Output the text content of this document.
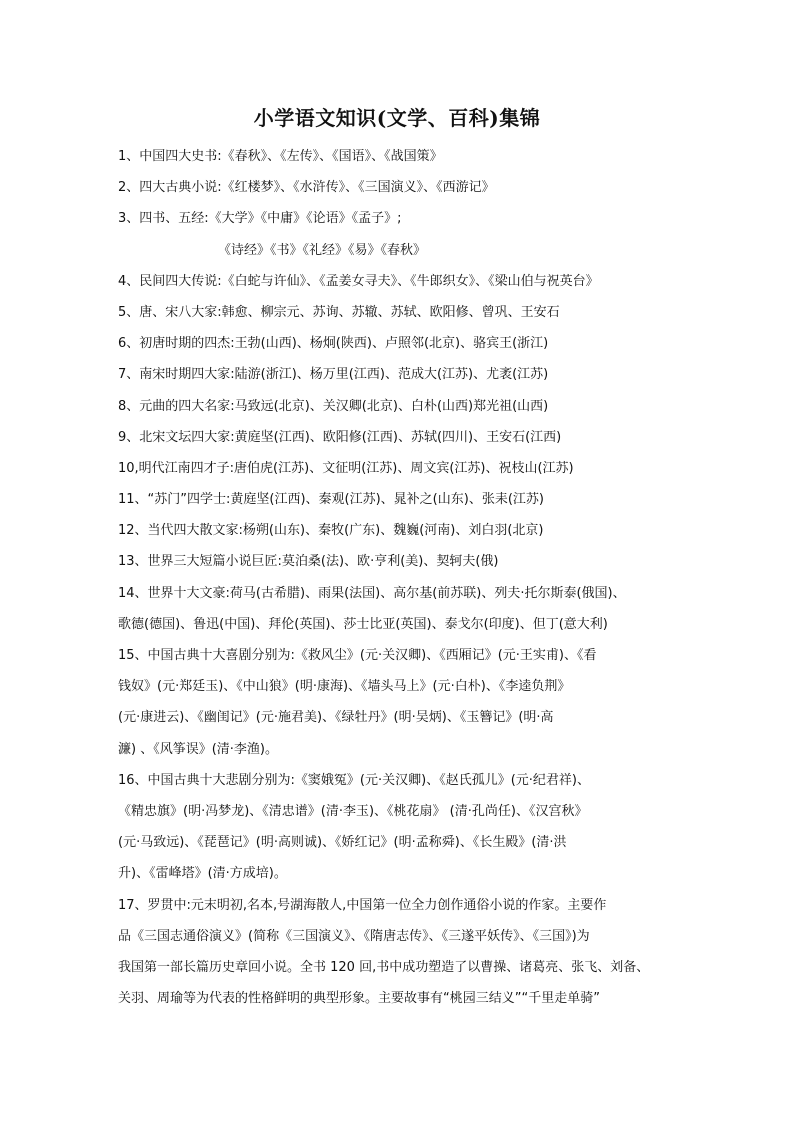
小学语文知识(文学、百科)集锦
1、中国四大史书:《春秋》、《左传》、《国语》、《战国策》
2、四大古典小说:《红楼梦》、《水浒传》、《三国演义》、《西游记》
3、四书、五经:《大学》《中庸》《论语》《孟子》;
《诗经》《书》《礼经》《易》《春秋》
4、民间四大传说:《白蛇与许仙》、《孟姜女寻夫》、《牛郎织女》、《梁山伯与祝英台》
5、唐、宋八大家:韩愈、柳宗元、苏询、苏辙、苏轼、欧阳修、曾巩、王安石
6、初唐时期的四杰:王勃(山西)、杨炯(陕西)、卢照邻(北京)、骆宾王(浙江)
7、南宋时期四大家:陆游(浙江)、杨万里(江西)、范成大(江苏)、尤袤(江苏)
8、元曲的四大名家:马致远(北京)、关汉卿(北京)、白朴(山西)郑光祖(山西)
9、北宋文坛四大家:黄庭坚(江西)、欧阳修(江西)、苏轼(四川)、王安石(江西)
10,明代江南四才子:唐伯虎(江苏)、文征明(江苏)、周文宾(江苏)、祝枝山(江苏)
11、“苏门”四学士:黄庭坚(江西)、秦观(江苏)、晁补之(山东)、张耒(江苏)
12、当代四大散文家:杨朔(山东)、秦牧(广东)、魏巍(河南)、刘白羽(北京)
13、世界三大短篇小说巨匠:莫泊桑(法)、欧·亨利(美)、契轲夫(俄)
14、世界十大文豪:荷马(古希腊)、雨果(法国)、高尔基(前苏联)、列夫·托尔斯泰(俄国)、
歌德(德国)、鲁迅(中国)、拜伦(英国)、莎士比亚(英国)、泰戈尔(印度)、但丁(意大利)
15、中国古典十大喜剧分别为:《救风尘》(元·关汉卿)、《西厢记》(元·王实甫)、《看
钱奴》(元·郑廷玉)、《中山狼》(明·康海)、《墙头马上》(元·白朴)、《李逵负荆》
(元·康进云)、《幽闺记》(元·施君美)、《绿牡丹》(明·吴炳)、《玉簪记》(明·高
濂) 、《风筝误》(清·李渔)。
16、中国古典十大悲剧分别为:《窦娥冤》(元·关汉卿)、《赵氏孤儿》(元·纪君祥)、
《精忠旗》(明·冯梦龙)、《清忠谱》(清·李玉)、《桃花扇》 (清·孔尚任)、《汉宫秋》
(元·马致远)、《琵琶记》(明·高则诚)、《娇红记》(明·孟称舜)、《长生殿》(清·洪
升)、《雷峰塔》(清·方成培)。
17、罗贯中:元末明初,名本,号湖海散人,中国第一位全力创作通俗小说的作家。主要作
品《三国志通俗演义》(简称《三国演义》、《隋唐志传》、《三遂平妖传》、《三国》)为
我国第一部长篇历史章回小说。全书 120 回,书中成功塑造了以曹操、诸葛亮、张飞、刘备、
关羽、周瑜等为代表的性格鲜明的典型形象。主要故事有“桃园三结义”“千里走单骑”
